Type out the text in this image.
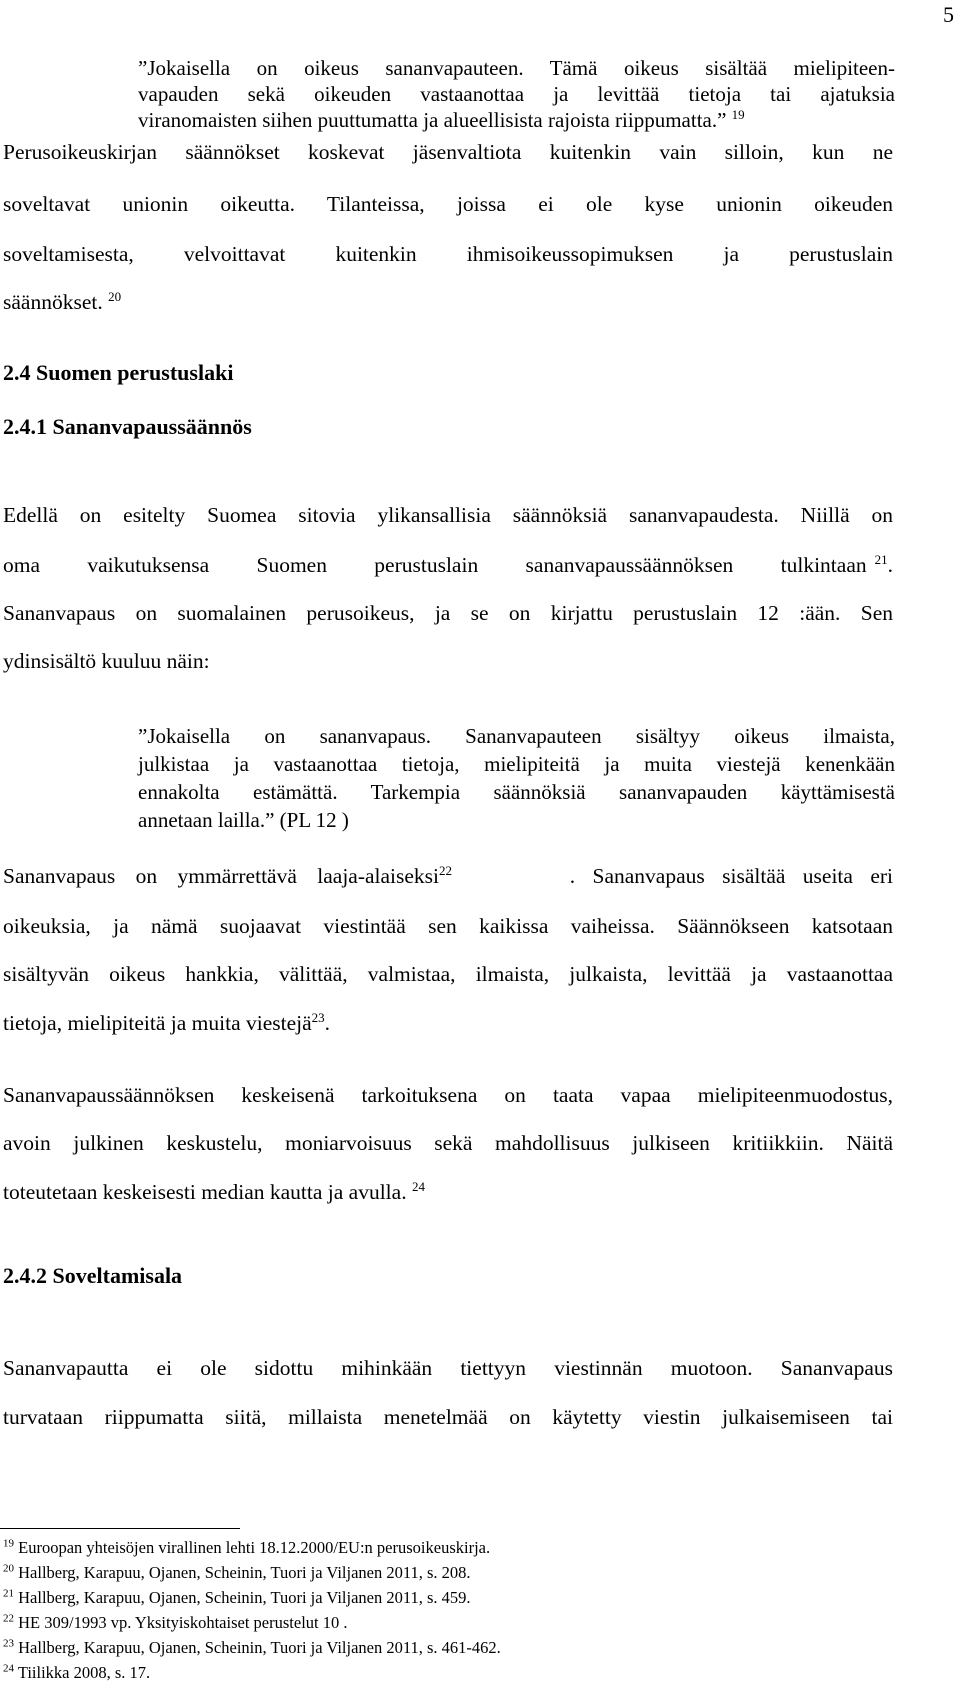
5
”Jokaisella on oikeus sananvapauteen. Tämä oikeus sisältää mielipiteen-
vapauden sekä oikeuden vastaanottaa ja levittää tietoja tai ajatuksia
viranomaisten siihen puuttumatta ja alueellisista rajoista riippumatta.” $^{19}$
Perusoikeuskirjan säännökset koskevat jäsenvaltiota kuitenkin vain silloin, kun ne
soveltavat unionin oikeutta. Tilanteissa, joissa ei ole kyse unionin oikeuden
soveltamisesta, velvoittavat kuitenkin ihmisoikeussopimuksen ja perustuslain
säännökset. $^{20}$
2.4 Suomen perustuslaki
2.4.1 Sananvapaussäännös
Edellä on esitelty Suomea sitovia ylikansallisia säännöksiä sananvapaudesta. Niillä on
oma vaikutuksensa Suomen perustuslain sananvapaussäännöksen tulkintaan $^{21}$.
Sananvapaus on suomalainen perusoikeus, ja se on kirjattu perustuslain 12 :ään. Sen
ydinsisältö kuuluu näin:
”Jokaisella on sananvapaus. Sananvapauteen sisältyy oikeus ilmaista,
julkistaa ja vastaanottaa tietoja, mielipiteitä ja muita viestejä kenenkään
ennakolta estämättä. Tarkempia säännöksiä sananvapauden käyttämisestä
annetaan lailla.” (PL 12 )
Sananvapaus on ymmärrettävä laaja-alaiseksi$^{22}$	. Sananvapaus sisältää useita eri
oikeuksia, ja nämä suojaavat viestintää sen kaikissa vaiheissa. Säännökseen katsotaan
sisältyvän oikeus hankkia, välittää, valmistaa, ilmaista, julkaista, levittää ja vastaanottaa
tietoja, mielipiteitä ja muita viestejä$^{23}$.
Sananvapaussäännöksen keskeisenä tarkoituksena on taata vapaa mielipiteenmuodostus,
avoin julkinen keskustelu, moniarvoisuus sekä mahdollisuus julkiseen kritiikkiin. Näitä
toteutetaan keskeisesti median kautta ja avulla. $^{24}$
2.4.2 Soveltamisala
Sananvapautta ei ole sidottu mihinkään tiettyyn viestinnän muotoon. Sananvapaus
turvataan riippumatta siitä, millaista menetelmää on käytetty viestin julkaisemiseen tai
$^{19}$ Euroopan yhteisöjen virallinen lehti 18.12.2000/EU:n perusoikeuskirja.
$^{20}$ Hallberg, Karapuu, Ojanen, Scheinin, Tuori ja Viljanen 2011, s. 208.
$^{21}$ Hallberg, Karapuu, Ojanen, Scheinin, Tuori ja Viljanen 2011, s. 459.
$^{22}$ HE 309/1993 vp. Yksityiskohtaiset perustelut 10 .
$^{23}$ Hallberg, Karapuu, Ojanen, Scheinin, Tuori ja Viljanen 2011, s. 461-462.
$^{24}$ Tiilikka 2008, s. 17.
